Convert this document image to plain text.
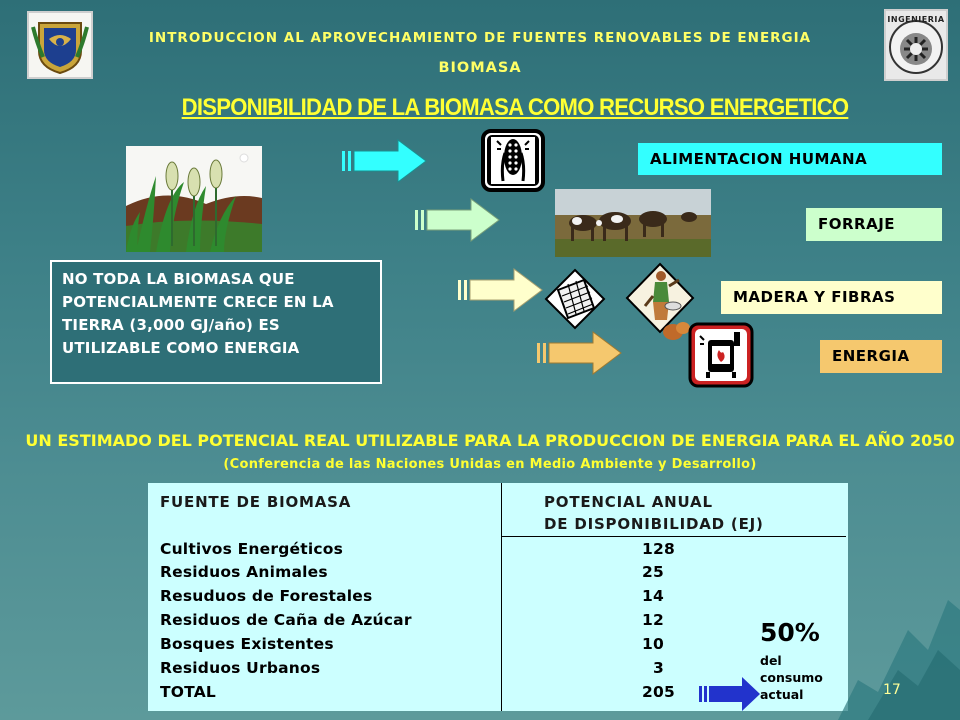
INTRODUCCION AL APROVECHAMIENTO DE FUENTES RENOVABLES DE ENERGIA
BIOMASA
INGENIERIA
DISPONIBILIDAD DE LA BIOMASA COMO RECURSO ENERGETICO
ALIMENTACION HUMANA
FORRAJE
MADERA Y FIBRAS
ENERGIA
NO TODA LA BIOMASA QUE POTENCIALMENTE CRECE EN LA TIERRA (3,000 GJ/año) ES UTILIZABLE COMO ENERGIA
UN ESTIMADO DEL POTENCIAL REAL UTILIZABLE PARA LA PRODUCCION DE ENERGIA PARA EL AÑO 2050 (Conferencia de las Naciones Unidas en Medio Ambiente y Desarrollo)
FUENTE DE BIOMASA	POTENCIAL ANUAL
DE DISPONIBILIDAD (EJ)
Cultivos Energéticos	128
Residuos Animales	25
Resuduos de Forestales	14
Residuos de Caña de Azúcar	12
Bosques Existentes	10
Residuos Urbanos	3
TOTAL	205
50%
del
consumo
actual	17
